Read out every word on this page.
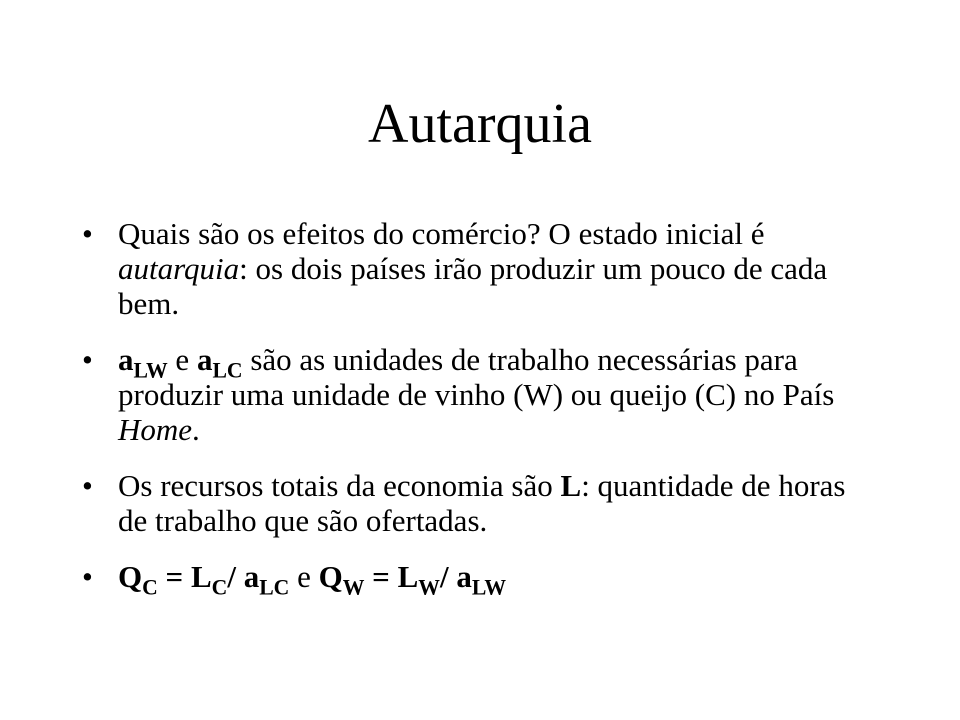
Autarquia
• Quais são os efeitos do comércio? O estado inicial é autarquia: os dois países irão produzir um pouco de cada bem.
• $a_{LW}$ e $a_{LC}$ são as unidades de trabalho necessárias para produzir uma unidade de vinho (W) ou queijo (C) no País Home.
• Os recursos totais da economia são L: quantidade de horas de trabalho que são ofertadas.
• $Q_C = L_C/$ $a_{LC}$ e $Q_W = L_W/$ $a_{LW}$
